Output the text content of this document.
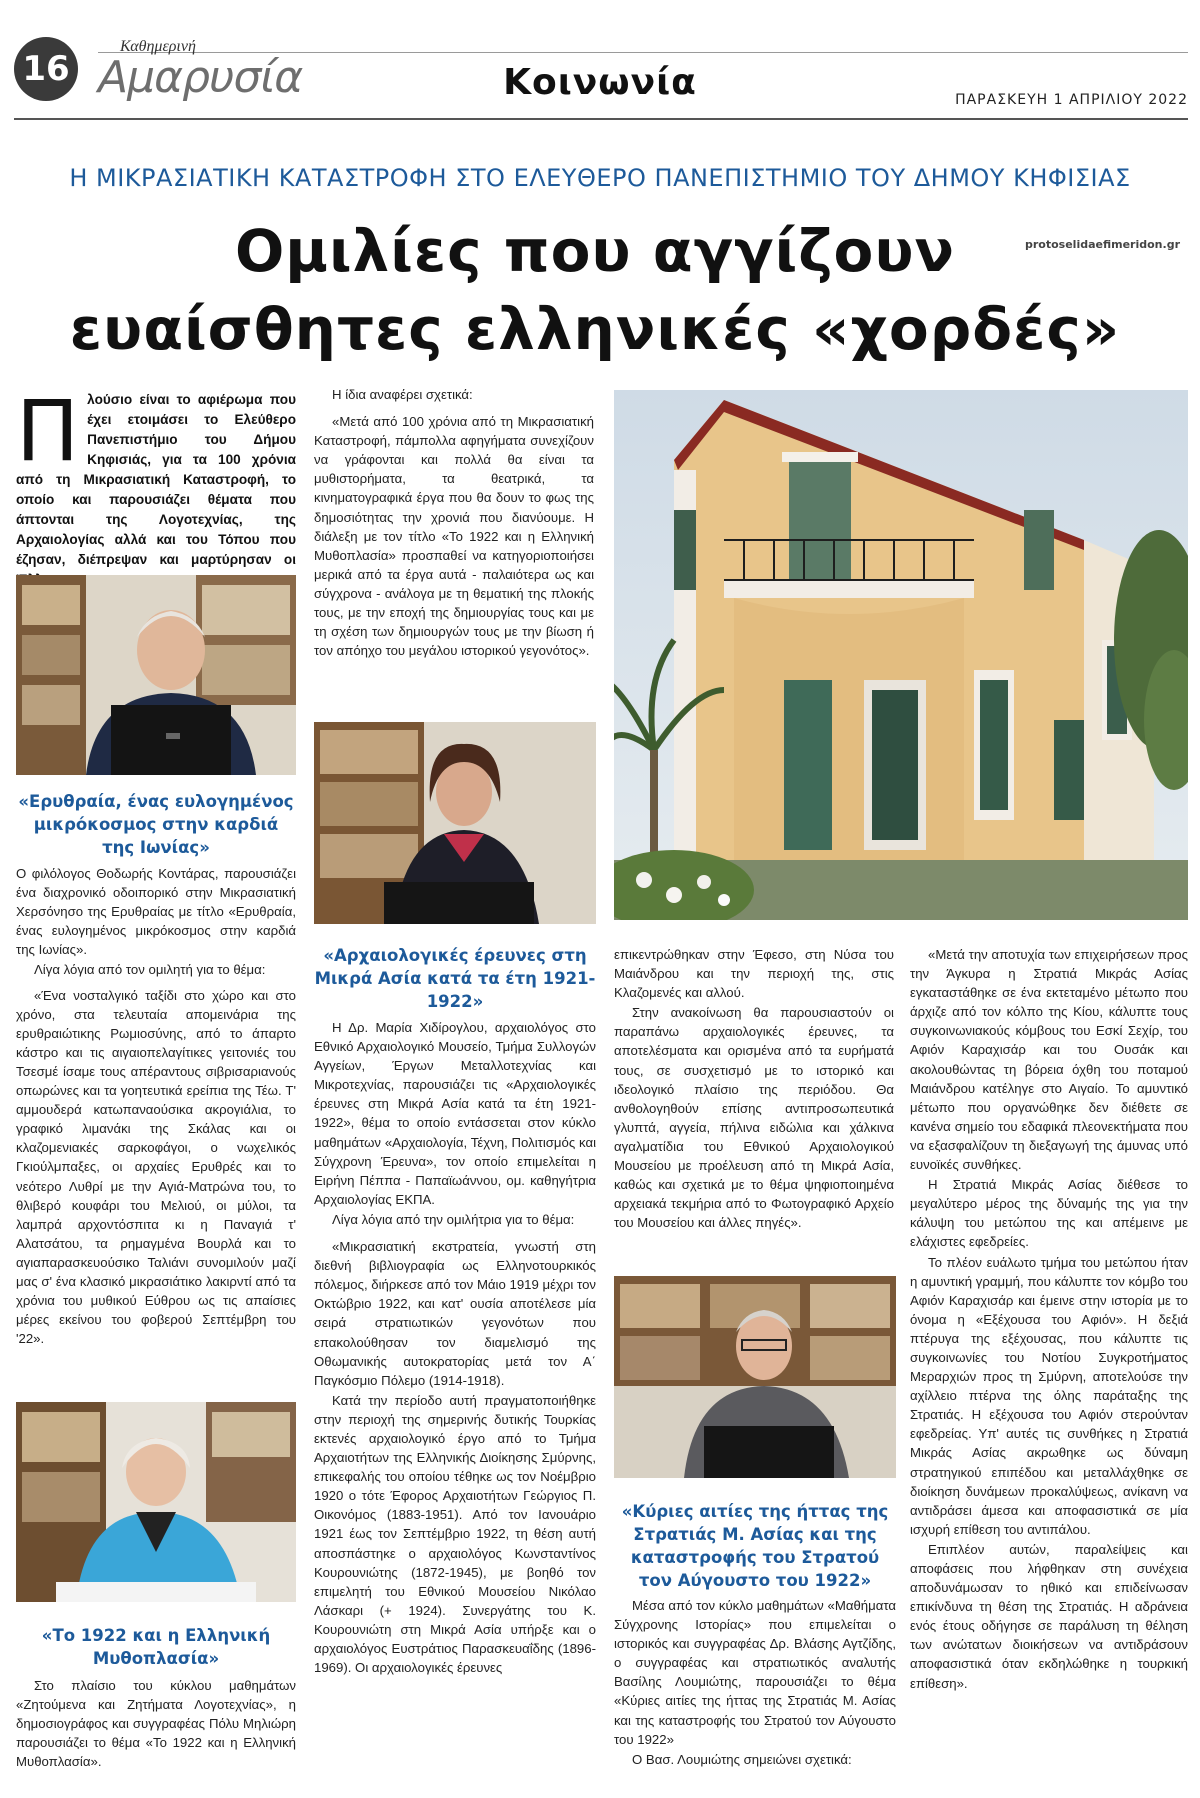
16
Καθημερινή
Αμαρυσία	Κοινωνία	ΠΑΡΑΣΚΕΥΗ 1 ΑΠΡΙΛΙΟΥ 2022
Η ΜΙΚΡΑΣΙΑΤΙΚΗ ΚΑΤΑΣΤΡΟΦΗ ΣΤΟ ΕΛΕΥΘΕΡΟ ΠΑΝΕΠΙΣΤΗΜΙΟ ΤΟΥ ΔΗΜΟΥ ΚΗΦΙΣΙΑΣ
Ομιλίες που αγγίζουν
ευαίσθητες ελληνικές «χορδές»
protoselidaefimeridon.gr
Πλούσιο είναι το αφιέρωμα που έχει ετοιμάσει το Ελεύθερο Πανεπιστήμιο του Δήμου Κηφισιάς, για τα 100 χρόνια από τη Μικρασιατική Καταστροφή, το οποίο και παρουσιάζει θέματα που άπτονται της Λογοτεχνίας, της Αρχαιολογίας αλλά και του Τόπου που έζησαν, διέπρεψαν και μαρτύρησαν οι
«Ερυθραία, ένας ευλογημένος μικρόκοσμος στην καρδιά της Ιωνίας»

Ο φιλόλογος Θοδωρής Κοντάρας, παρουσιάζει ένα διαχρονικό οδοιπορικό στην Μικρασιατική Χερσόνησο της Ερυθραίας με τίτλο «Ερυθραία, ένας ευλογημένος μικρόκοσμος στην καρδιά της Ιωνίας».

Λίγα λόγια από τον ομιλητή για το θέμα:

«Ένα νοσταλγικό ταξίδι στο χώρο και στο χρόνο, στα τελευταία απομεινάρια της ερυθραιώτικης Ρωμιοσύνης, από το άπαρτο κάστρο και τις αιγαιοπελαγίτικες γειτονιές του Τσεσμέ ίσαμε τους απέραντους σιβρισαριανούς οπωρώνες και τα γοητευτικά ερείπια της Τέω. Τ' αμμουδερά κατωπαναούσικα ακρογιάλια, το γραφικό λιμανάκι της Σκάλας και οι κλαζομενιακές σαρκοφάγοι, ο νωχελικός Γκιούλμπαξες, οι αρχαίες Ερυθρές και το νεότερο Λυθρί με την Αγιά-Ματρώνα του, το θλιβερό κουφάρι του Μελιού, οι μύλοι, τα λαμπρά αρχοντόσπιτα κι η Παναγιά τ' Αλατσάτου, τα ρημαγμένα Βουρλά και το αγιαπαρασκευούσικο Ταλιάνι συνομιλούν μαζί μας σ' ένα κλασικό μικρασιάτικο λακιρντί από τα χρόνια του μυθικού Εύθρου ως τις απαίσιες μέρες εκείνου του φοβερού Σεπτέμβρη του '22».

«Το 1922 και η Ελληνική Μυθοπλασία»

Στο πλαίσιο του κύκλου μαθημάτων «Ζητούμενα και Ζητήματα Λογοτεχνίας», η δημοσιογράφος και συγγραφέας Πόλυ Μηλιώρη παρουσιάζει το θέμα «Το 1922 και η Ελληνική Μυθοπλασία».

Η ίδια αναφέρει σχετικά:

«Μετά από 100 χρόνια από τη Μικρασιατική Καταστροφή, πάμπολλα αφηγήματα συνεχίζουν να γράφονται και πολλά θα είναι τα μυθιστορήματα, τα θεατρικά, τα κινηματογραφικά έργα που θα δουν το φως της δημοσιότητας την χρονιά που διανύουμε. Η διάλεξη με τον τίτλο «Το 1922 και η Ελληνική Μυθοπλασία» προσπαθεί να κατηγοριοποιήσει μερικά από τα έργα αυτά - παλαιότερα ως και σύγχρονα - ανάλογα με τη θεματική της πλοκής τους, με την εποχή της δημιουργίας τους και με τη σχέση των δημιουργών τους με την βίωση ή τον απόηχο του μεγάλου ιστορικού γεγονότος».

«Αρχαιολογικές έρευνες στη Μικρά Ασία κατά τα έτη 1921-1922»

Η Δρ. Μαρία Χιδίρογλου, αρχαιολόγος στο Εθνικό Αρχαιολογικό Μουσείο, Τμήμα Συλλογών Αγγείων, Έργων Μεταλλοτεχνίας και Μικροτεχνίας, παρουσιάζει τις «Αρχαιολογικές έρευνες στη Μικρά Ασία κατά τα έτη 1921-1922», θέμα το οποίο εντάσσεται στον κύκλο μαθημάτων «Αρχαιολογία, Τέχνη, Πολιτισμός και Σύγχρονη Έρευνα», τον οποίο επιμελείται η Ειρήνη Πέππα - Παπαϊωάννου, ομ. καθηγήτρια Αρχαιολογίας ΕΚΠΑ.

Λίγα λόγια από την ομιλήτρια για το θέμα:

«Μικρασιατική εκστρατεία, γνωστή στη διεθνή βιβλιογραφία ως Ελληνοτουρκικός πόλεμος, διήρκεσε από τον Μάιο 1919 μέχρι τον Οκτώβριο 1922, και κατ' ουσία αποτέλεσε μία σειρά στρατιωτικών γεγονότων που επακολούθησαν τον διαμελισμό της Οθωμανικής αυτοκρατορίας μετά τον Α΄ Παγκόσμιο Πόλεμο (1914-1918).

Κατά την περίοδο αυτή πραγματοποιήθηκε στην περιοχή της σημερινής δυτικής Τουρκίας εκτενές αρχαιολογικό έργο από το Τμήμα Αρχαιοτήτων της Ελληνικής Διοίκησης Σμύρνης, επικεφαλής του οποίου τέθηκε ως τον Νοέμβριο 1920 ο τότε Έφορος Αρχαιοτήτων Γεώργιος Π. Οικονόμος (1883-1951). Από τον Ιανουάριο 1921 έως τον Σεπτέμβριο 1922, τη θέση αυτή αποσπάστηκε ο αρχαιολόγος Κωνσταντίνος Κουρουνιώτης (1872-1945), με βοηθό τον επιμελητή του Εθνικού Μουσείου Νικόλαο Λάσκαρι (+ 1924). Συνεργάτης του Κ. Κουρουνιώτη στη Μικρά Ασία υπήρξε και ο αρχαιολόγος Ευστράτιος Παρασκευαΐδης (1896-1969). Οι αρχαιολογικές έρευνες

επικεντρώθηκαν στην Έφεσο, στη Νύσα του Μαιάνδρου και την περιοχή της, στις Κλαζομενές και αλλού.

Στην ανακοίνωση θα παρουσιαστούν οι παραπάνω αρχαιολογικές έρευνες, τα αποτελέσματα και ορισμένα από τα ευρήματά τους, σε συσχετισμό με το ιστορικό και ιδεολογικό πλαίσιο της περιόδου. Θα ανθολογηθούν επίσης αντιπροσωπευτικά γλυπτά, αγγεία, πήλινα ειδώλια και χάλκινα αγαλματίδια του Εθνικού Αρχαιολογικού Μουσείου με προέλευση από τη Μικρά Ασία, καθώς και σχετικά με το θέμα ψηφιοποιημένα αρχειακά τεκμήρια από το Φωτογραφικό Αρχείο του Μουσείου και άλλες πηγές».

«Κύριες αιτίες της ήττας της Στρατιάς Μ. Ασίας και της καταστροφής του Στρατού τον Αύγουστο του 1922»

Μέσα από τον κύκλο μαθημάτων «Μαθήματα Σύγχρονης Ιστορίας» που επιμελείται ο ιστορικός και συγγραφέας Δρ. Βλάσης Αγτζίδης, ο συγγραφέας και στρατιωτικός αναλυτής Βασίλης Λουμιώτης, παρουσιάζει το θέμα «Κύριες αιτίες της ήττας της Στρατιάς Μ. Ασίας και της καταστροφής του Στρατού τον Αύγουστο του 1922»

Ο Βασ. Λουμιώτης σημειώνει σχετικά:

«Μετά την αποτυχία των επιχειρήσεων προς την Άγκυρα η Στρατιά Μικράς Ασίας εγκαταστάθηκε σε ένα εκτεταμένο μέτωπο που άρχιζε από τον κόλπο της Κίου, κάλυπτε τους συγκοινωνιακούς κόμβους του Εσκί Σεχίρ, του Αφιόν Καραχισάρ και του Ουσάκ και ακολουθώντας τη βόρεια όχθη του ποταμού Μαιάνδρου κατέληγε στο Αιγαίο. Το αμυντικό μέτωπο που οργανώθηκε δεν διέθετε σε κανένα σημείο του εδαφικά πλεονεκτήματα που να εξασφαλίζουν τη διεξαγωγή της άμυνας υπό ευνοϊκές συνθήκες.

Η Στρατιά Μικράς Ασίας διέθεσε το μεγαλύτερο μέρος της δύναμής της για την κάλυψη του μετώπου της και απέμεινε με ελάχιστες εφεδρείες.

Το πλέον ευάλωτο τμήμα του μετώπου ήταν η αμυντική γραμμή, που κάλυπτε τον κόμβο του Αφιόν Καραχισάρ και έμεινε στην ιστορία με το όνομα η «Εξέχουσα του Αφιόν». Η δεξιά πτέρυγα της εξέχουσας, που κάλυπτε τις συγκοινωνίες του Νοτίου Συγκροτήματος Μεραρχιών προς τη Σμύρνη, αποτελούσε την αχίλλειο πτέρνα της όλης παράταξης της Στρατιάς. Η εξέχουσα του Αφιόν στερούνταν εφεδρείας. Υπ' αυτές τις συνθήκες η Στρατιά Μικράς Ασίας ακρωθηκε ως δύναμη στρατηγικού επιπέδου και μεταλλάχθηκε σε διοίκηση δυνάμεων προκαλύψεως, ανίκανη να αντιδράσει άμεσα και αποφασιστικά σε μία ισχυρή επίθεση του αντιπάλου.

Επιπλέον αυτών, παραλείψεις και αποφάσεις που λήφθηκαν στη συνέχεια αποδυνάμωσαν το ηθικό και επιδείνωσαν επικίνδυνα τη θέση της Στρατιάς. Η αδράνεια ενός έτους οδήγησε σε παράλυση τη θέληση των ανώτατων διοικήσεων να αντιδράσουν αποφασιστικά όταν εκδηλώθηκε η τουρκική επίθεση».
